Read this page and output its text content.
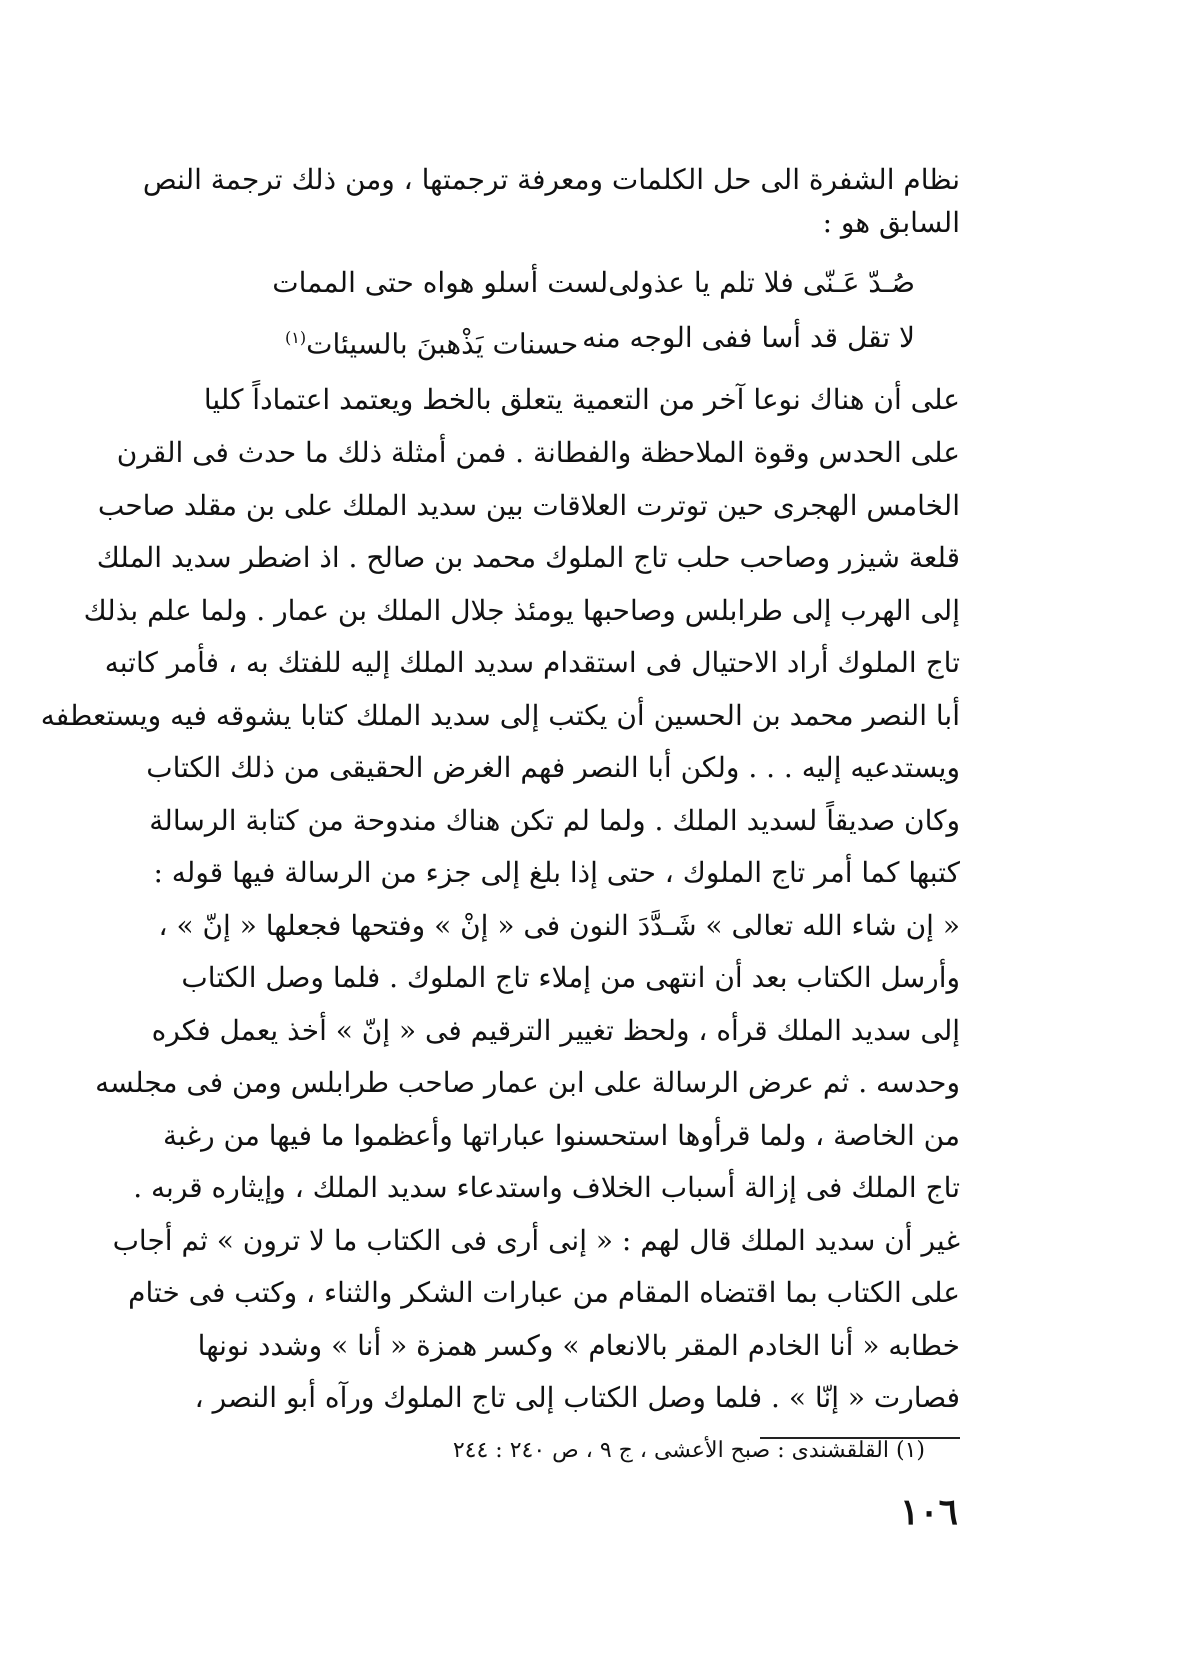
نظام الشفرة الى حل الكلمات ومعرفة ترجمتها ، ومن ذلك ترجمة النص
السابق هو :
صُـدّ عَـنّى فلا تلم يا عذولى
لست أسلو هواه حتى الممات
لا تقل قد أسا ففى الوجه منه
حسنات يَذْهبنَ بالسيئات$^{(١)}$
على أن هناك نوعا آخر من التعمية يتعلق بالخط ويعتمد اعتماداً كليا
على الحدس وقوة الملاحظة والفطانة . فمن أمثلة ذلك ما حدث فى القرن
الخامس الهجرى حين توترت العلاقات بين سديد الملك على بن مقلد صاحب
قلعة شيزر وصاحب حلب تاج الملوك محمد بن صالح . اذ اضطر سديد الملك
إلى الهرب إلى طرابلس وصاحبها يومئذ جلال الملك بن عمار . ولما علم بذلك
تاج الملوك أراد الاحتيال فى استقدام سديد الملك إليه للفتك به ، فأمر كاتبه
أبا النصر محمد بن الحسين أن يكتب إلى سديد الملك كتابا يشوقه فيه ويستعطفه
ويستدعيه إليه . . . ولكن أبا النصر فهم الغرض الحقيقى من ذلك الكتاب
وكان صديقاً لسديد الملك . ولما لم تكن هناك مندوحة من كتابة الرسالة
كتبها كما أمر تاج الملوك ، حتى إذا بلغ إلى جزء من الرسالة فيها قوله :
« إن شاء الله تعالى » شَـدَّدَ النون فى « إنْ » وفتحها فجعلها « إنّ » ،
وأرسل الكتاب بعد أن انتهى من إملاء تاج الملوك . فلما وصل الكتاب
إلى سديد الملك قرأه ، ولحظ تغيير الترقيم فى « إنّ » أخذ يعمل فكره
وحدسه . ثم عرض الرسالة على ابن عمار صاحب طرابلس ومن فى مجلسه
من الخاصة ، ولما قرأوها استحسنوا عباراتها وأعظموا ما فيها من رغبة
تاج الملك فى إزالة أسباب الخلاف واستدعاء سديد الملك ، وإيثاره قربه .
غير أن سديد الملك قال لهم : « إنى أرى فى الكتاب ما لا ترون » ثم أجاب
على الكتاب بما اقتضاه المقام من عبارات الشكر والثناء ، وكتب فى ختام
خطابه « أنا الخادم المقر بالانعام » وكسر همزة « أنا » وشدد نونها
فصارت « إنّا » . فلما وصل الكتاب إلى تاج الملوك ورآه أبو النصر ،
(١) القلقشندى : صبح الأعشى ، ج ٩ ، ص ٢٤٠ : ٢٤٤
١٠٦
